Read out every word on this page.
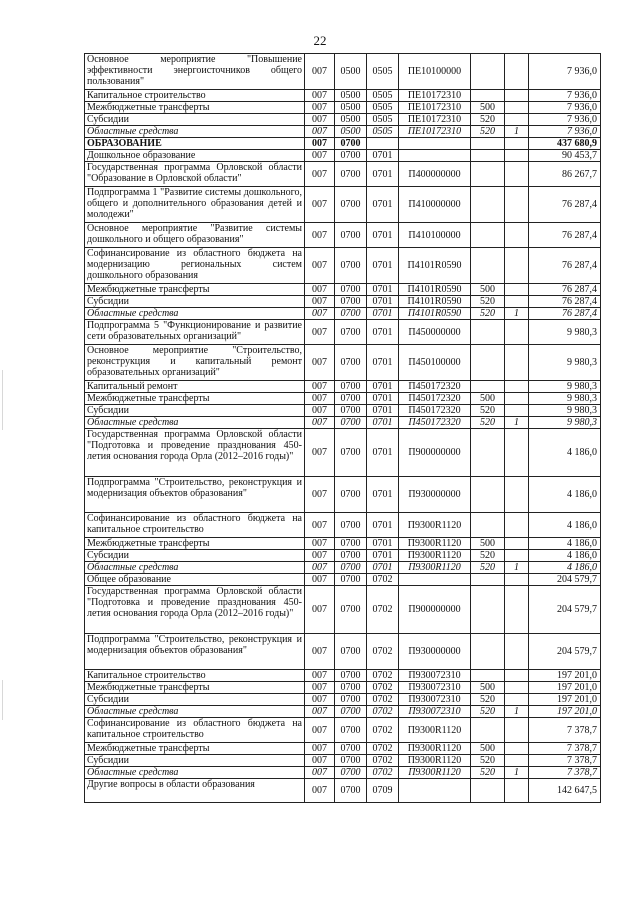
22
Основное мероприятие "Повышение эффективности энергоисточников общего пользования"	007	0500	0505	ПЕ10100000			7 936,0
Капитальное строительство	007	0500	0505	ПЕ10172310			7 936,0
Межбюджетные трансферты	007	0500	0505	ПЕ10172310	500		7 936,0
Субсидии	007	0500	0505	ПЕ10172310	520		7 936,0
Областные средства	007	0500	0505	ПЕ10172310	520	1	7 936,0
ОБРАЗОВАНИЕ	007	0700					437 680,9
Дошкольное образование	007	0700	0701				90 453,7
Государственная программа Орловской области "Образование в Орловской области"	007	0700	0701	П400000000			86 267,7
Подпрограмма 1 "Развитие системы дошкольного, общего и дополнительного образования детей и молодежи"	007	0700	0701	П410000000			76 287,4
Основное мероприятие "Развитие системы дошкольного и общего образования"	007	0700	0701	П410100000			76 287,4
Софинансирование из областного бюджета на модернизацию региональных систем дошкольного образования	007	0700	0701	П4101R0590			76 287,4
Межбюджетные трансферты	007	0700	0701	П4101R0590	500		76 287,4
Субсидии	007	0700	0701	П4101R0590	520		76 287,4
Областные средства	007	0700	0701	П4101R0590	520	1	76 287,4
Подпрограмма 5 "Функционирование и развитие сети образовательных организаций"	007	0700	0701	П450000000			9 980,3
Основное мероприятие "Строительство, реконструкция и капитальный ремонт образовательных организаций"	007	0700	0701	П450100000			9 980,3
Капитальный ремонт	007	0700	0701	П450172320			9 980,3
Межбюджетные трансферты	007	0700	0701	П450172320	500		9 980,3
Субсидии	007	0700	0701	П450172320	520		9 980,3
Областные средства	007	0700	0701	П450172320	520	1	9 980,3
Государственная программа Орловской области "Подготовка и проведение празднования 450-летия основания города Орла (2012–2016 годы)"	007	0700	0701	П900000000			4 186,0
Подпрограмма "Строительство, реконструкция и модернизация объектов образования"	007	0700	0701	П930000000			4 186,0
Софинансирование из областного бюджета на капитальное строительство	007	0700	0701	П9300R1120			4 186,0
Межбюджетные трансферты	007	0700	0701	П9300R1120	500		4 186,0
Субсидии	007	0700	0701	П9300R1120	520		4 186,0
Областные средства	007	0700	0701	П9300R1120	520	1	4 186,0
Общее образование	007	0700	0702				204 579,7
Государственная программа Орловской области "Подготовка и проведение празднования 450-летия основания города Орла (2012–2016 годы)"	007	0700	0702	П900000000			204 579,7
Подпрограмма "Строительство, реконструкция и модернизация объектов образования"	007	0700	0702	П930000000			204 579,7
Капитальное строительство	007	0700	0702	П930072310			197 201,0
Межбюджетные трансферты	007	0700	0702	П930072310	500		197 201,0
Субсидии	007	0700	0702	П930072310	520		197 201,0
Областные средства	007	0700	0702	П930072310	520	1	197 201,0
Софинансирование из областного бюджета на капитальное строительство	007	0700	0702	П9300R1120			7 378,7
Межбюджетные трансферты	007	0700	0702	П9300R1120	500		7 378,7
Субсидии	007	0700	0702	П9300R1120	520		7 378,7
Областные средства	007	0700	0702	П9300R1120	520	1	7 378,7
Другие вопросы в области образования	007	0700	0709				142 647,5
